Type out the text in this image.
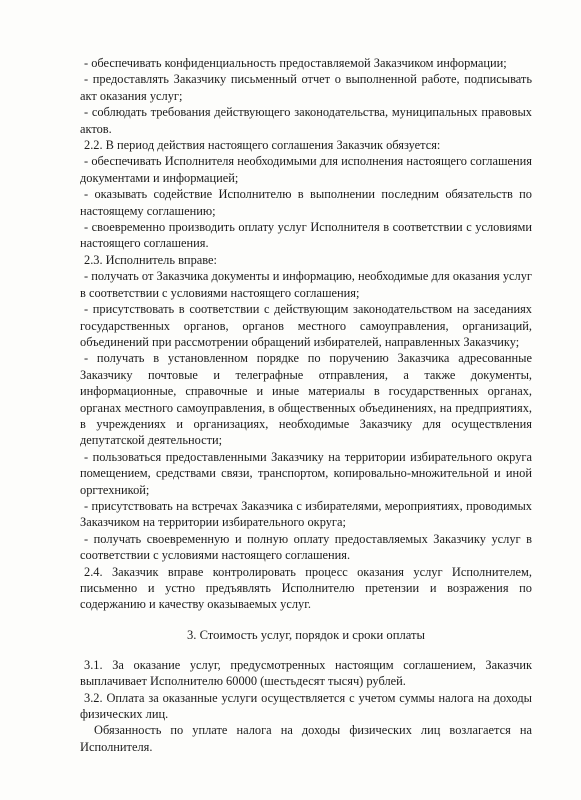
- обеспечивать конфиденциальность предоставляемой Заказчиком информации;

- предоставлять Заказчику письменный отчет о выполненной работе, подписывать акт оказания услуг;

- соблюдать требования действующего законодательства, муниципальных правовых актов.

2.2. В период действия настоящего соглашения Заказчик обязуется:

- обеспечивать Исполнителя необходимыми для исполнения настоящего соглашения документами и информацией;

- оказывать содействие Исполнителю в выполнении последним обязательств по настоящему соглашению;

- своевременно производить оплату услуг Исполнителя в соответствии с условиями настоящего соглашения.

2.3. Исполнитель вправе:

- получать от Заказчика документы и информацию, необходимые для оказания услуг в соответствии с условиями настоящего соглашения;

- присутствовать в соответствии с действующим законодательством на заседаниях государственных органов, органов местного самоуправления, организаций, объединений при рассмотрении обращений избирателей, направленных Заказчику;

- получать в установленном порядке по поручению Заказчика адресованные Заказчику почтовые и телеграфные отправления, а также документы, информационные, справочные и иные материалы в государственных органах, органах местного самоуправления, в общественных объединениях, на предприятиях, в учреждениях и организациях, необходимые Заказчику для осуществления депутатской деятельности;

- пользоваться предоставленными Заказчику на территории избирательного округа помещением, средствами связи, транспортом, копировально-множительной и иной оргтехникой;

- присутствовать на встречах Заказчика с избирателями, мероприятиях, проводимых Заказчиком на территории избирательного округа;

- получать своевременную и полную оплату предоставляемых Заказчику услуг в соответствии с условиями настоящего соглашения.

2.4. Заказчик вправе контролировать процесс оказания услуг Исполнителем, письменно и устно предъявлять Исполнителю претензии и возражения по содержанию и качеству оказываемых услуг.

3. Стоимость услуг, порядок и сроки оплаты

3.1. За оказание услуг, предусмотренных настоящим соглашением, Заказчик выплачивает Исполнителю 60000 (шестьдесят тысяч) рублей.

3.2. Оплата за оказанные услуги осуществляется с учетом суммы налога на доходы физических лиц.

Обязанность по уплате налога на доходы физических лиц возлагается на Исполнителя.
